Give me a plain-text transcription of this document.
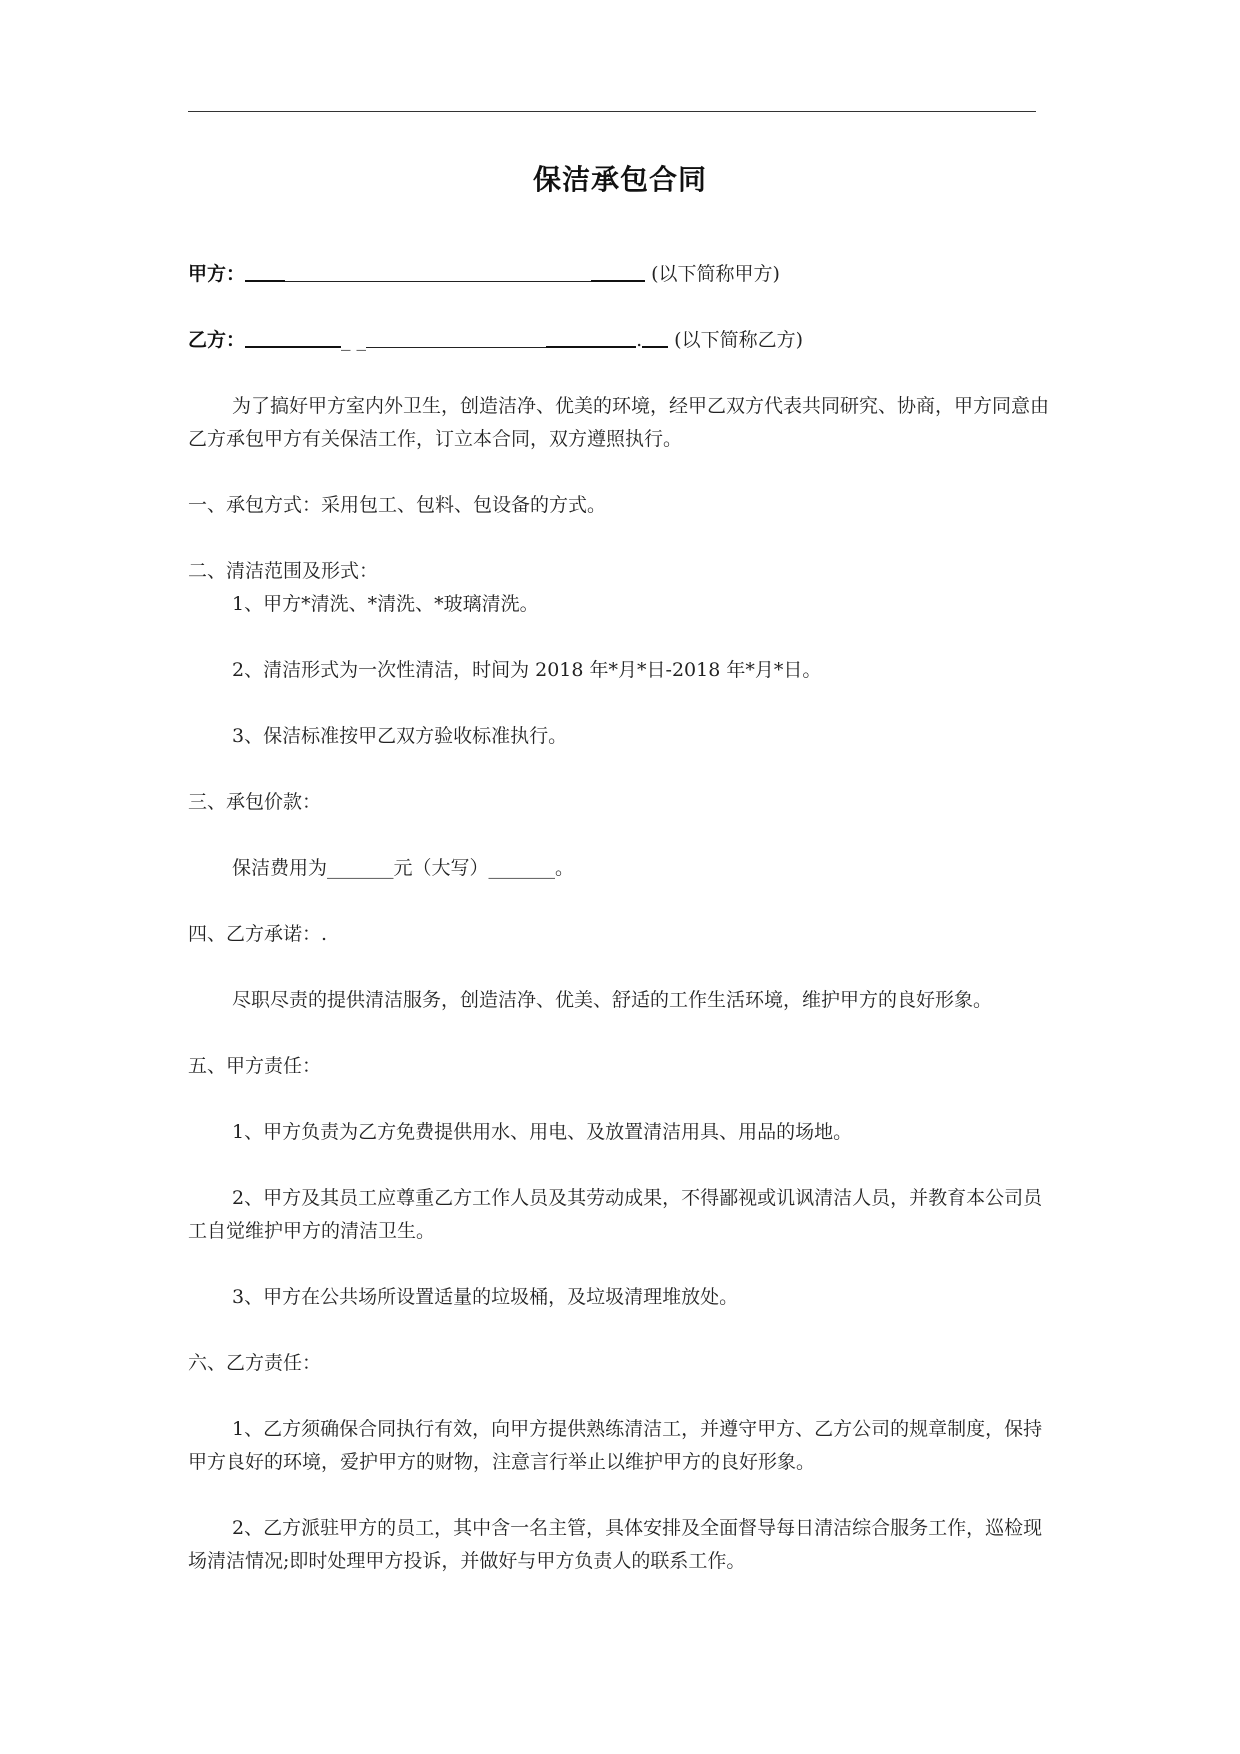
保洁承包合同

甲方：	(以下简称甲方)

乙方：	_ _	. (以下简称乙方)

为了搞好甲方室内外卫生，创造洁净、优美的环境，经甲乙双方代表共同研究、协商，甲方同意由乙方承包甲方有关保洁工作，订立本合同，双方遵照执行。

一、承包方式：采用包工、包料、包设备的方式。

二、清洁范围及形式：

1、甲方*清洗、*清洗、*玻璃清洗。

2、清洁形式为一次性清洁，时间为 2018 年*月*日-2018 年*月*日。

3、保洁标准按甲乙双方验收标准执行。

三、承包价款：

保洁费用为_______元（大写）_______。

四、乙方承诺：.

尽职尽责的提供清洁服务，创造洁净、优美、舒适的工作生活环境，维护甲方的良好形象。

五、甲方责任：

1、甲方负责为乙方免费提供用水、用电、及放置清洁用具、用品的场地。

2、甲方及其员工应尊重乙方工作人员及其劳动成果，不得鄙视或讥讽清洁人员，并教育本公司员工自觉维护甲方的清洁卫生。

3、甲方在公共场所设置适量的垃圾桶，及垃圾清理堆放处。

六、乙方责任：

1、乙方须确保合同执行有效，向甲方提供熟练清洁工，并遵守甲方、乙方公司的规章制度，保持甲方良好的环境，爱护甲方的财物，注意言行举止以维护甲方的良好形象。

2、乙方派驻甲方的员工，其中含一名主管，具体安排及全面督导每日清洁综合服务工作，巡检现场清洁情况;即时处理甲方投诉，并做好与甲方负责人的联系工作。
